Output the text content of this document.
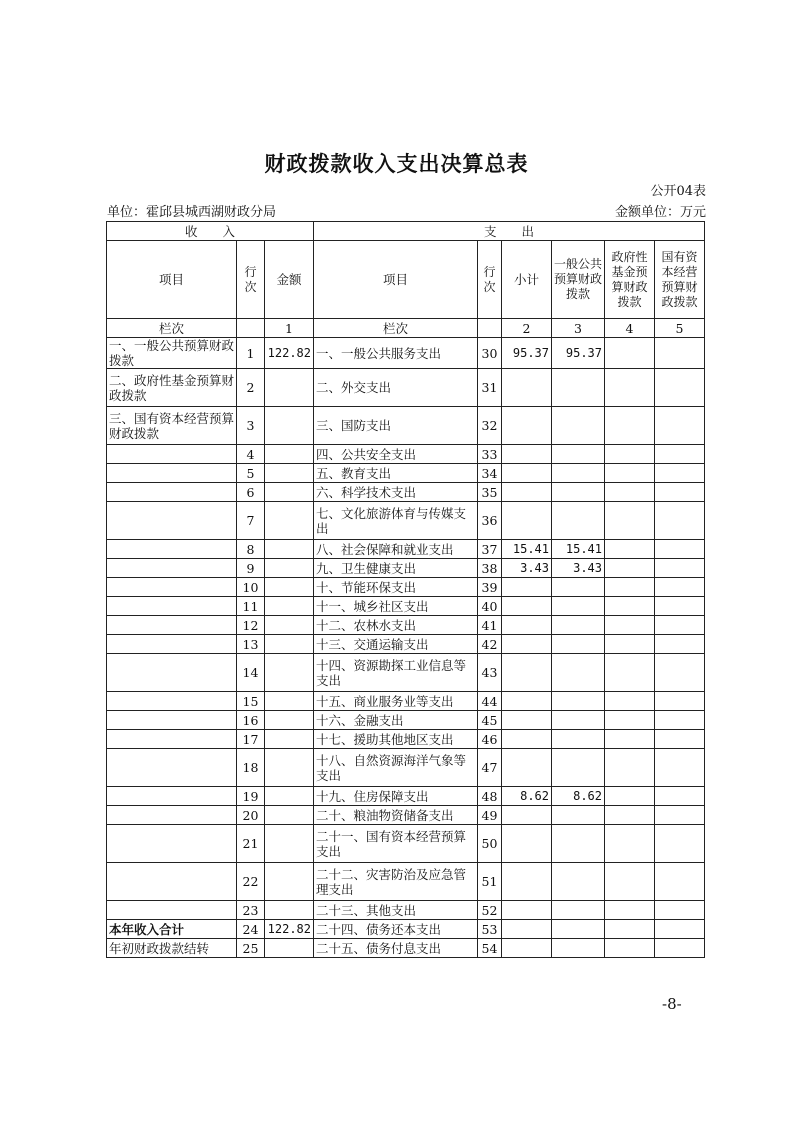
财政拨款收入支出决算总表
公开04表
单位：霍邱县城西湖财政分局	金额单位：万元
收　　入			支　　出					
项目	行次	金额	项目	行次	小计	一般公共预算财政拨款	政府性基金预算财政拨款	国有资本经营预算财政拨款
栏次		1	栏次		2	3	4	5
一、一般公共预算财政拨款	1	122.82	一、一般公共服务支出	30	95.37	95.37		
二、政府性基金预算财政拨款	2		二、外交支出	31				
三、国有资本经营预算财政拨款	3		三、国防支出	32				
	4		四、公共安全支出	33				
	5		五、教育支出	34				
	6		六、科学技术支出	35				
	7		七、文化旅游体育与传媒支出	36				
	8		八、社会保障和就业支出	37	15.41	15.41		
	9		九、卫生健康支出	38	3.43	3.43		
	10		十、节能环保支出	39				
	11		十一、城乡社区支出	40				
	12		十二、农林水支出	41				
	13		十三、交通运输支出	42				
	14		十四、资源勘探工业信息等支出	43				
	15		十五、商业服务业等支出	44				
	16		十六、金融支出	45				
	17		十七、援助其他地区支出	46				
	18		十八、自然资源海洋气象等支出	47				
	19		十九、住房保障支出	48	8.62	8.62		
	20		二十、粮油物资储备支出	49				
	21		二十一、国有资本经营预算支出	50				
	22		二十二、灾害防治及应急管理支出	51				
	23		二十三、其他支出	52				
本年收入合计	24	122.82	二十四、债务还本支出	53				
年初财政拨款结转	25		二十五、债务付息支出	54				
-8-
